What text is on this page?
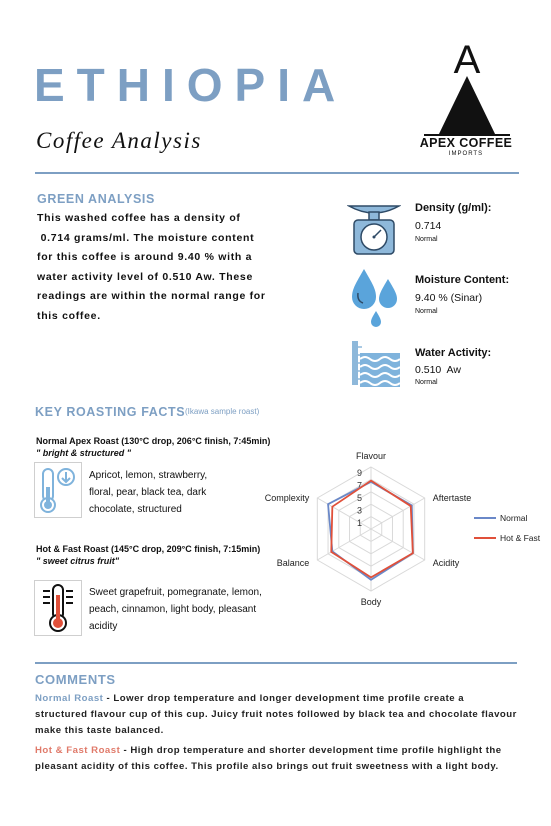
ETHIOPIA
Coffee Analysis
A
APEX COFFEE
IMPORTS
GREEN ANALYSIS
This washed coffee has a density of
0.714 grams/ml. The moisture content
for this coffee is around 9.40 % with a
water activity level of 0.510 Aw. These
readings are within the normal range for
this coffee.
Density (g/ml):
0.714
Normal
Moisture Content:
9.40 % (Sinar)
Normal
Water Activity:
0.510  Aw
Normal
KEY ROASTING FACTS (Ikawa sample roast)
Normal Apex Roast (130°C drop, 206°C finish, 7:45min)
" bright & structured "
Apricot, lemon, strawberry,
floral, pear, black tea, dark
chocolate, structured
Hot & Fast Roast (145°C drop, 209°C finish, 7:15min)
" sweet citrus fruit"
Sweet grapefruit, pomegranate, lemon,
peach, cinnamon, light body, pleasant
acidity
1
3
5
7
9
Flavour
Aftertaste
Acidity
Body
Balance
Complexity
Normal
Hot & Fast
COMMENTS
Normal Roast - Lower drop temperature and longer development time profile create a structured flavour cup of this cup. Juicy fruit notes followed by black tea and chocolate flavour make this taste balanced.
Hot & Fast Roast - High drop temperature and shorter development time profile highlight the pleasant acidity of this coffee. This profile also brings out fruit sweetness with a light body.
